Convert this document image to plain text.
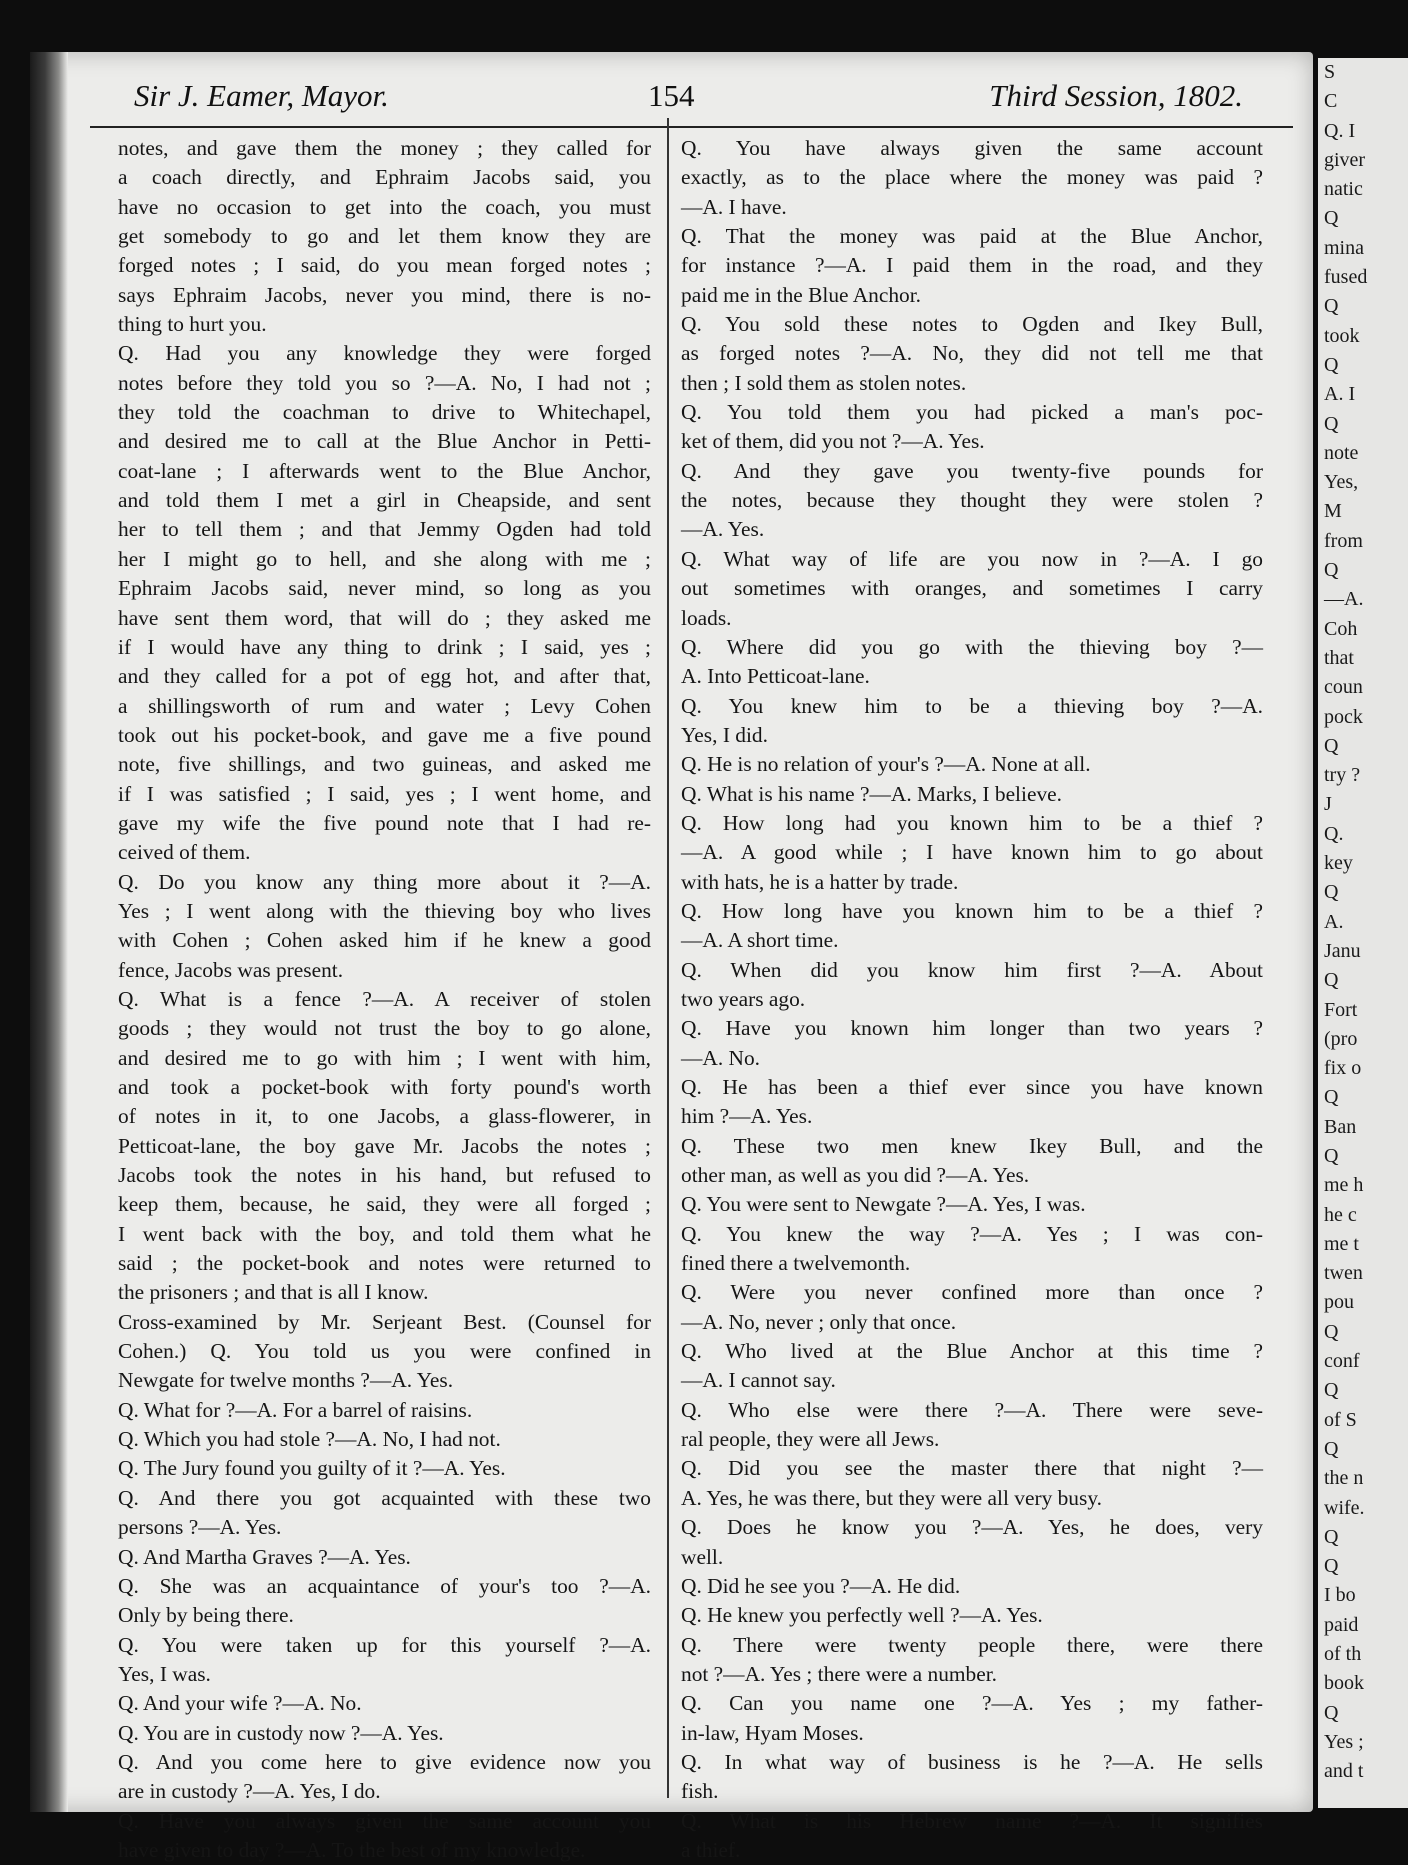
Sir J. Eamer, Mayor.	154	Third Session, 1802.
notes, and gave them the money ; they called for
a coach directly, and Ephraim Jacobs said, you
have no occasion to get into the coach, you must
get somebody to go and let them know they are
forged notes ; I said, do you mean forged notes ;
says Ephraim Jacobs, never you mind, there is no-
thing to hurt you.
Q. Had you any knowledge they were forged
notes before they told you so ?—A. No, I had not ;
they told the coachman to drive to Whitechapel,
and desired me to call at the Blue Anchor in Petti-
coat-lane ; I afterwards went to the Blue Anchor,
and told them I met a girl in Cheapside, and sent
her to tell them ; and that Jemmy Ogden had told
her I might go to hell, and she along with me ;
Ephraim Jacobs said, never mind, so long as you
have sent them word, that will do ; they asked me
if I would have any thing to drink ; I said, yes ;
and they called for a pot of egg hot, and after that,
a shillingsworth of rum and water ; Levy Cohen
took out his pocket-book, and gave me a five pound
note, five shillings, and two guineas, and asked me
if I was satisfied ; I said, yes ; I went home, and
gave my wife the five pound note that I had re-
ceived of them.
Q. Do you know any thing more about it ?—A.
Yes ; I went along with the thieving boy who lives
with Cohen ; Cohen asked him if he knew a good
fence, Jacobs was present.
Q. What is a fence ?—A. A receiver of stolen
goods ; they would not trust the boy to go alone,
and desired me to go with him ; I went with him,
and took a pocket-book with forty pound's worth
of notes in it, to one Jacobs, a glass-flowerer, in
Petticoat-lane, the boy gave Mr. Jacobs the notes ;
Jacobs took the notes in his hand, but refused to
keep them, because, he said, they were all forged ;
I went back with the boy, and told them what he
said ; the pocket-book and notes were returned to
the prisoners ; and that is all I know.
Cross-examined by Mr. Serjeant Best. (Counsel for
Cohen.) Q. You told us you were confined in
Newgate for twelve months ?—A. Yes.
Q. What for ?—A. For a barrel of raisins.
Q. Which you had stole ?—A. No, I had not.
Q. The Jury found you guilty of it ?—A. Yes.
Q. And there you got acquainted with these two
persons ?—A. Yes.
Q. And Martha Graves ?—A. Yes.
Q. She was an acquaintance of your's too ?—A.
Only by being there.
Q. You were taken up for this yourself ?—A.
Yes, I was.
Q. And your wife ?—A. No.
Q. You are in custody now ?—A. Yes.
Q. And you come here to give evidence now you
are in custody ?—A. Yes, I do.
Q. Have you always given the same account you
have given to day ?—A. To the best of my knowledge.
Q. You have always given the same account
exactly, as to the place where the money was paid ?
—A. I have.
Q. That the money was paid at the Blue Anchor,
for instance ?—A. I paid them in the road, and they
paid me in the Blue Anchor.
Q. You sold these notes to Ogden and Ikey Bull,
as forged notes ?—A. No, they did not tell me that
then ; I sold them as stolen notes.
Q. You told them you had picked a man's poc-
ket of them, did you not ?—A. Yes.
Q. And they gave you twenty-five pounds for
the notes, because they thought they were stolen ?
—A. Yes.
Q. What way of life are you now in ?—A. I go
out sometimes with oranges, and sometimes I carry
loads.
Q. Where did you go with the thieving boy ?—
A. Into Petticoat-lane.
Q. You knew him to be a thieving boy ?—A.
Yes, I did.
Q. He is no relation of your's ?—A. None at all.
Q. What is his name ?—A. Marks, I believe.
Q. How long had you known him to be a thief ?
—A. A good while ; I have known him to go about
with hats, he is a hatter by trade.
Q. How long have you known him to be a thief ?
—A. A short time.
Q. When did you know him first ?—A. About
two years ago.
Q. Have you known him longer than two years ?
—A. No.
Q. He has been a thief ever since you have known
him ?—A. Yes.
Q. These two men knew Ikey Bull, and the
other man, as well as you did ?—A. Yes.
Q. You were sent to Newgate ?—A. Yes, I was.
Q. You knew the way ?—A. Yes ; I was con-
fined there a twelvemonth.
Q. Were you never confined more than once ?
—A. No, never ; only that once.
Q. Who lived at the Blue Anchor at this time ?
—A. I cannot say.
Q. Who else were there ?—A. There were seve-
ral people, they were all Jews.
Q. Did you see the master there that night ?—
A. Yes, he was there, but they were all very busy.
Q. Does he know you ?—A. Yes, he does, very
well.
Q. Did he see you ?—A. He did.
Q. He knew you perfectly well ?—A. Yes.
Q. There were twenty people there, were there
not ?—A. Yes ; there were a number.
Q. Can you name one ?—A. Yes ; my father-
in-law, Hyam Moses.
Q. In what way of business is he ?—A. He sells
fish.
Q. What is his Hebrew name ?—A. It signifies
a thief.
S
C
Q. I
giver
natic
Q
mina
fused
Q
took
Q
A. I
Q
note
Yes,
M
from
Q
—A.
Coh
that
coun
pock
Q
try ?
J
Q.
key
Q
A.
Janu
Q
Fort
(pro
fix o
Q
Ban
Q
me h
he c
me t
twen
pou
Q
conf
Q
of S
Q
the n
wife.
Q
Q
I bo
paid
of th
book
Q
Yes ;
and t
